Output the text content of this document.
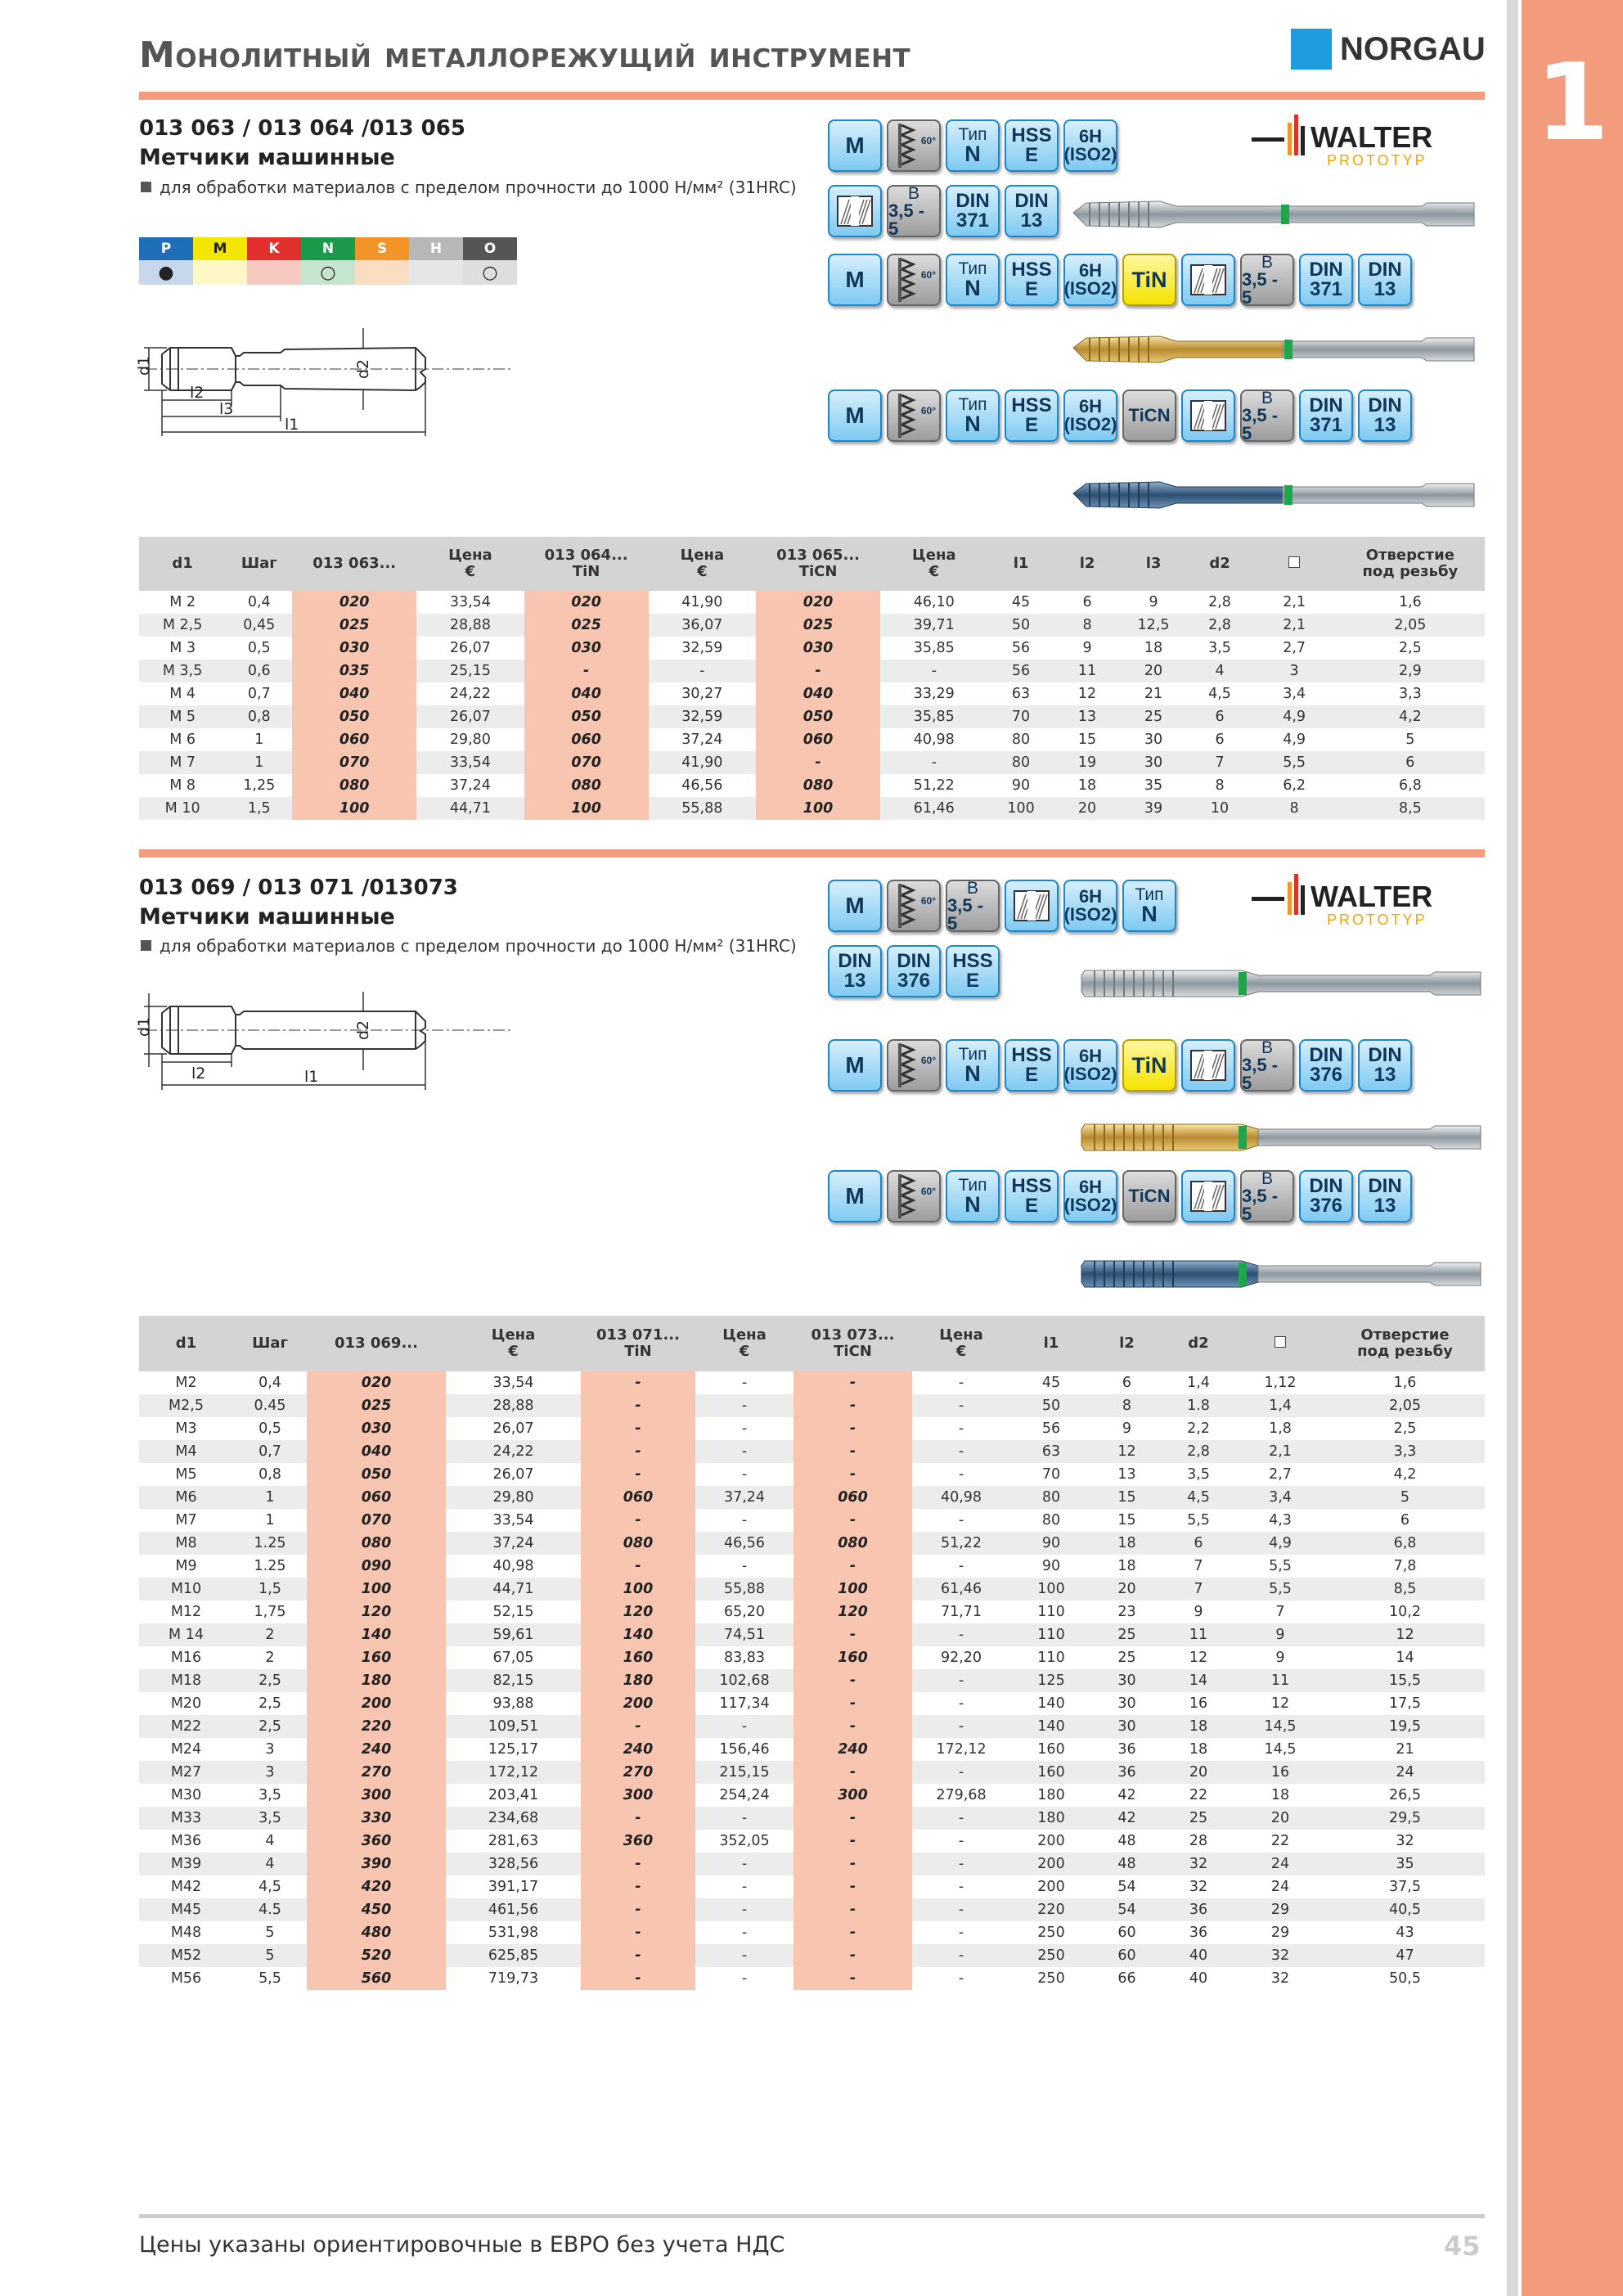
1
Монолитный металлорежущий инструмент	NORGAU
013 063 / 013 064 /013 065
Метчики машинные
для обработки материалов с пределом прочности до 1000 Н/мм² (31HRC)
P	M	K	N	S	H	O
●	○	○
d1	d2
l2
l3
l1
M	60° Тип
N
HSS
E
6H
(ISO2)
B
3,5 - 5
DIN
371
DIN
13
M	60° Тип
N
HSS
E
6H
(ISO2) TiN
B
3,5 - 5
DIN
371
DIN
13
M	60° Тип
N
HSS
E
6H
(ISO2) TiCN
B
3,5 - 5
DIN
371
DIN
13
WALTER
PROTOTYP
d1	Шаг	013 063...	Цена
€	013 064...
TiN	Цена
€	013 065...
TiCN	Цена
€	l1	l2	l3	d2		Отверстие
под резьбу
M 2	0,4	020	33,54	020	41,90	020	46,10	45	6	9	2,8	2,1	1,6
M 2,5	0,45	025	28,88	025	36,07	025	39,71	50	8	12,5	2,8	2,1	2,05
M 3	0,5	030	26,07	030	32,59	030	35,85	56	9	18	3,5	2,7	2,5
M 3,5	0,6	035	25,15	-	-	-	-	56	11	20	4	3	2,9
M 4	0,7	040	24,22	040	30,27	040	33,29	63	12	21	4,5	3,4	3,3
M 5	0,8	050	26,07	050	32,59	050	35,85	70	13	25	6	4,9	4,2
M 6	1	060	29,80	060	37,24	060	40,98	80	15	30	6	4,9	5
M 7	1	070	33,54	070	41,90	-	-	80	19	30	7	5,5	6
M 8	1,25	080	37,24	080	46,56	080	51,22	90	18	35	8	6,2	6,8
M 10	1,5	100	44,71	100	55,88	100	61,46	100	20	39	10	8	8,5
013 069 / 013 071 /013073
Метчики машинные
для обработки материалов с пределом прочности до 1000 Н/мм² (31HRC)
d1	d2
l2	l1
M	60°
B
3,5 - 5
6H
(ISO2)
Тип
N
DIN
13
DIN
376
HSS
E
M	60° Тип
N
HSS
E
6H
(ISO2) TiN
B
3,5 - 5
DIN
376
DIN
13
M	60° Тип
N
HSS
E
6H
(ISO2) TiCN
B
3,5 - 5
DIN
376
DIN
13
WALTER
PROTOTYP
d1	Шаг	013 069...	Цена
€	013 071...
TiN	Цена
€	013 073...
TiCN	Цена
€	l1	l2	d2		Отверстие
под резьбу
M2	0,4	020	33,54	-	-	-	-	45	6	1,4	1,12	1,6
M2,5	0.45	025	28,88	-	-	-	-	50	8	1.8	1,4	2,05
M3	0,5	030	26,07	-	-	-	-	56	9	2,2	1,8	2,5
M4	0,7	040	24,22	-	-	-	-	63	12	2,8	2,1	3,3
M5	0,8	050	26,07	-	-	-	-	70	13	3,5	2,7	4,2
M6	1	060	29,80	060	37,24	060	40,98	80	15	4,5	3,4	5
M7	1	070	33,54	-	-	-	-	80	15	5,5	4,3	6
M8	1.25	080	37,24	080	46,56	080	51,22	90	18	6	4,9	6,8
M9	1.25	090	40,98	-	-	-	-	90	18	7	5,5	7,8
M10	1,5	100	44,71	100	55,88	100	61,46	100	20	7	5,5	8,5
M12	1,75	120	52,15	120	65,20	120	71,71	110	23	9	7	10,2
M 14	2	140	59,61	140	74,51	-	-	110	25	11	9	12
M16	2	160	67,05	160	83,83	160	92,20	110	25	12	9	14
M18	2,5	180	82,15	180	102,68	-	-	125	30	14	11	15,5
M20	2,5	200	93,88	200	117,34	-	-	140	30	16	12	17,5
M22	2,5	220	109,51	-	-	-	-	140	30	18	14,5	19,5
M24	3	240	125,17	240	156,46	240	172,12	160	36	18	14,5	21
M27	3	270	172,12	270	215,15	-	-	160	36	20	16	24
M30	3,5	300	203,41	300	254,24	300	279,68	180	42	22	18	26,5
M33	3,5	330	234,68	-	-	-	-	180	42	25	20	29,5
M36	4	360	281,63	360	352,05	-	-	200	48	28	22	32
M39	4	390	328,56	-	-	-	-	200	48	32	24	35
M42	4,5	420	391,17	-	-	-	-	200	54	32	24	37,5
M45	4.5	450	461,56	-	-	-	-	220	54	36	29	40,5
M48	5	480	531,98	-	-	-	-	250	60	36	29	43
M52	5	520	625,85	-	-	-	-	250	60	40	32	47
M56	5,5	560	719,73	-	-	-	-	250	66	40	32	50,5
Цены указаны ориентировочные в ЕВРО без учета НДС	45
